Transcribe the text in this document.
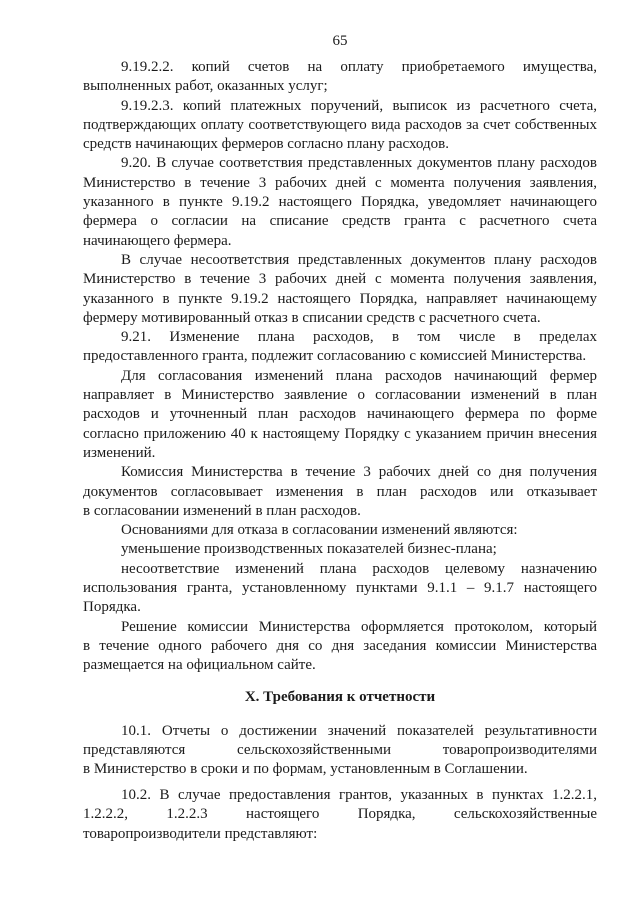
65
9.19.2.2. копий счетов на оплату приобретаемого имущества,
выполненных работ, оказанных услуг;
9.19.2.3. копий платежных поручений, выписок из расчетного счета,
подтверждающих оплату соответствующего вида расходов за счет собственных
средств начинающих фермеров согласно плану расходов.
9.20. В случае соответствия представленных документов плану расходов
Министерство в течение 3 рабочих дней с момента получения заявления,
указанного в пункте 9.19.2 настоящего Порядка, уведомляет начинающего
фермера о согласии на списание средств гранта с расчетного счета
начинающего фермера.
В случае несоответствия представленных документов плану расходов
Министерство в течение 3 рабочих дней с момента получения заявления,
указанного в пункте 9.19.2 настоящего Порядка, направляет начинающему
фермеру мотивированный отказ в списании средств с расчетного счета.
9.21. Изменение плана расходов, в том числе в пределах
предоставленного гранта, подлежит согласованию с комиссией Министерства.
Для согласования изменений плана расходов начинающий фермер
направляет в Министерство заявление о согласовании изменений в план
расходов и уточненный план расходов начинающего фермера по форме
согласно приложению 40 к настоящему Порядку с указанием причин внесения
изменений.
Комиссия Министерства в течение 3 рабочих дней со дня получения
документов согласовывает изменения в план расходов или отказывает
в согласовании изменений в план расходов.
Основаниями для отказа в согласовании изменений являются:
уменьшение производственных показателей бизнес-плана;
несоответствие изменений плана расходов целевому назначению
использования гранта, установленному пунктами 9.1.1 – 9.1.7 настоящего
Порядка.
Решение комиссии Министерства оформляется протоколом, который
в течение одного рабочего дня со дня заседания комиссии Министерства
размещается на официальном сайте.
X. Требования к отчетности
10.1. Отчеты о достижении значений показателей результативности
представляются сельскохозяйственными товаропроизводителями
в Министерство в сроки и по формам, установленным в Соглашении.
10.2. В случае предоставления грантов, указанных в пунктах 1.2.2.1,
1.2.2.2, 1.2.2.3 настоящего Порядка, сельскохозяйственные
товаропроизводители представляют:
